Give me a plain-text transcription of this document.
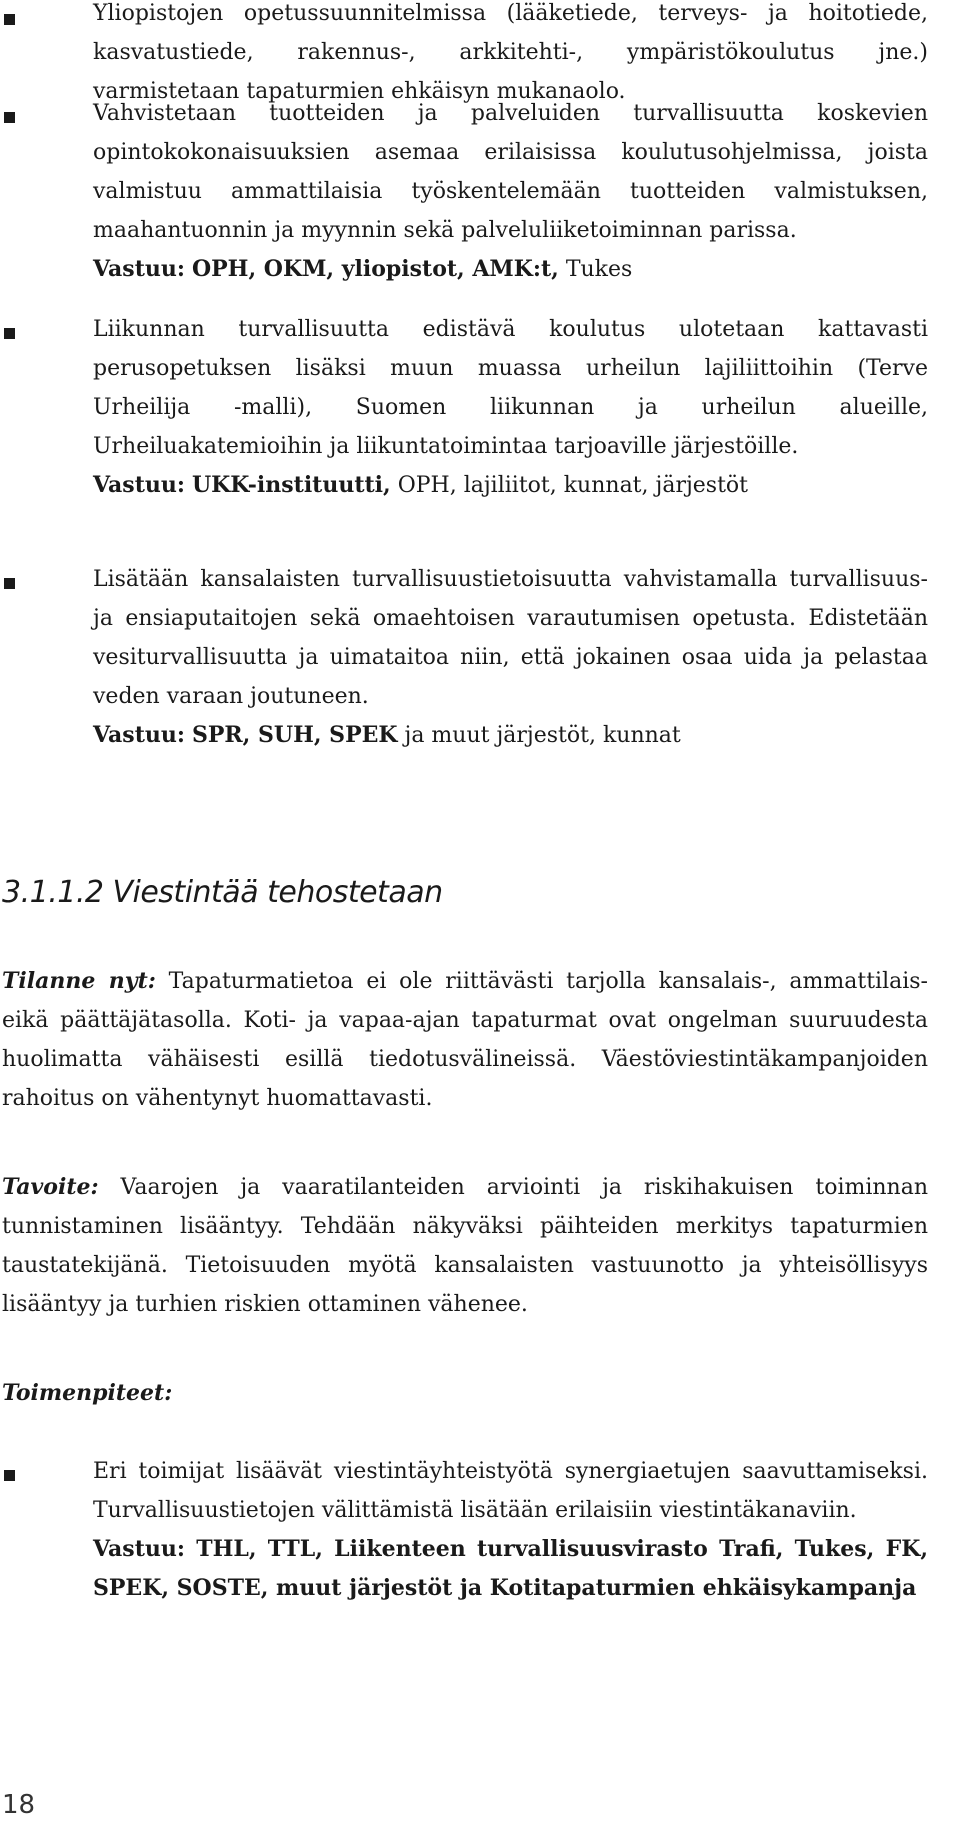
Yliopistojen opetussuunnitelmissa (lääketiede, terveys- ja hoitotiede, kasvatustiede, rakennus-, arkkitehti-, ympäristökoulutus jne.) varmistetaan tapaturmien ehkäisyn mukanaolo.

Vahvistetaan tuotteiden ja palveluiden turvallisuutta koskevien opintokokonaisuuksien asemaa erilaisissa koulutusohjelmissa, joista valmistuu ammattilaisia työskentelemään tuotteiden valmistuksen, maahantuonnin ja myynnin sekä palveluliiketoiminnan parissa.

Vastuu: OPH, OKM, yliopistot, AMK:t, Tukes

Liikunnan turvallisuutta edistävä koulutus ulotetaan kattavasti perusopetuksen lisäksi muun muassa urheilun lajiliittoihin (Terve Urheilija -malli), Suomen liikunnan ja urheilun alueille, Urheiluakatemioihin ja liikuntatoimintaa tarjoaville järjestöille.

Vastuu: UKK-instituutti, OPH, lajiliitot, kunnat, järjestöt

Lisätään kansalaisten turvallisuustietoisuutta vahvistamalla turvallisuus- ja ensiaputaitojen sekä omaehtoisen varautumisen opetusta. Edistetään vesiturvallisuutta ja uimataitoa niin, että jokainen osaa uida ja pelastaa veden varaan joutuneen.

Vastuu: SPR, SUH, SPEK ja muut järjestöt, kunnat

3.1.1.2 Viestintää tehostetaan

Tilanne nyt: Tapaturmatietoa ei ole riittävästi tarjolla kansalais-, ammattilais- eikä päättäjätasolla. Koti- ja vapaa-ajan tapaturmat ovat ongelman suuruudesta huolimatta vähäisesti esillä tiedotusvälineissä. Väestöviestintäkampanjoiden rahoitus on vähentynyt huomattavasti.

Tavoite: Vaarojen ja vaaratilanteiden arviointi ja riskihakuisen toiminnan tunnistaminen lisääntyy. Tehdään näkyväksi päihteiden merkitys tapaturmien taustatekijänä. Tietoisuuden myötä kansalaisten vastuunotto ja yhteisöllisyys lisääntyy ja turhien riskien ottaminen vähenee.

Toimenpiteet:

Eri toimijat lisäävät viestintäyhteistyötä synergiaetujen saavuttamiseksi. Turvallisuustietojen välittämistä lisätään erilaisiin viestintäkanaviin.

Vastuu: THL, TTL, Liikenteen turvallisuusvirasto Trafi, Tukes, FK, SPEK, SOSTE, muut järjestöt ja Kotitapaturmien ehkäisykampanja

18
